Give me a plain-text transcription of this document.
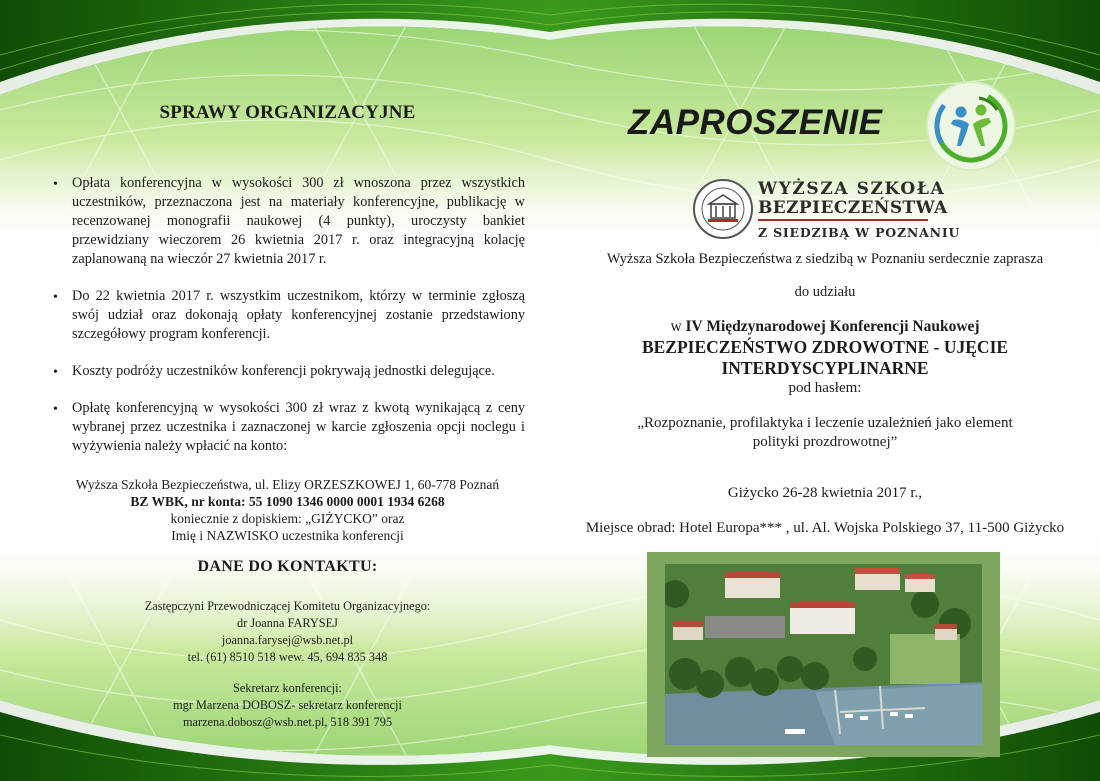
SPRAWY ORGANIZACYJNE
• Opłata konferencyjna w wysokości 300 zł wnoszona przez wszystkich uczestników, przeznaczona jest na materiały konferencyjne, publikację w recenzowanej monografii naukowej (4 punkty), uroczysty bankiet przewidziany wieczorem 26 kwietnia 2017 r. oraz integracyjną kolację zaplanowaną na wieczór 27 kwietnia 2017 r.
• Do 22 kwietnia 2017 r. wszystkim uczestnikom, którzy w terminie zgłoszą swój udział oraz dokonają opłaty konferencyjnej zostanie przedstawiony szczegółowy program konferencji.
• Koszty podróży uczestników konferencji pokrywają jednostki delegujące.
• Opłatę konferencyjną w wysokości 300 zł wraz z kwotą wynikającą z ceny wybranej przez uczestnika i zaznaczonej w karcie zgłoszenia opcji noclegu i wyżywienia należy wpłacić na konto:
Wyższa Szkoła Bezpieczeństwa, ul. Elizy ORZESZKOWEJ 1, 60-778 Poznań
BZ WBK, nr konta: 55 1090 1346 0000 0001 1934 6268
koniecznie z dopiskiem: „GIŻYCKO” oraz
Imię i NAZWISKO uczestnika konferencji
DANE DO KONTAKTU:
Zastępczyni Przewodniczącej Komitetu Organizacyjnego:
dr Joanna FARYSEJ
joanna.farysej@wsb.net.pl
tel. (61) 8510 518 wew. 45, 694 835 348
Sekretarz konferencji:
mgr Marzena DOBOSZ- sekretarz konferencji
marzena.dobosz@wsb.net.pl, 518 391 795
ZAPROSZENIE
WYŻSZA SZKOŁA
BEZPIECZEŃSTWA
Z SIEDZIBĄ W POZNANIU
Wyższa Szkoła Bezpieczeństwa z siedzibą w Poznaniu serdecznie zaprasza
do udziału
w IV Międzynarodowej Konferencji Naukowej
BEZPIECZEŃSTWO ZDROWOTNE - UJĘCIE INTERDYSCYPLINARNE
pod hasłem:
„Rozpoznanie, profilaktyka i leczenie uzależnień jako element polityki prozdrowotnej”
Giżycko 26-28 kwietnia 2017 r.,
Miejsce obrad: Hotel Europa*** , ul. Al. Wojska Polskiego 37, 11-500 Giżycko
